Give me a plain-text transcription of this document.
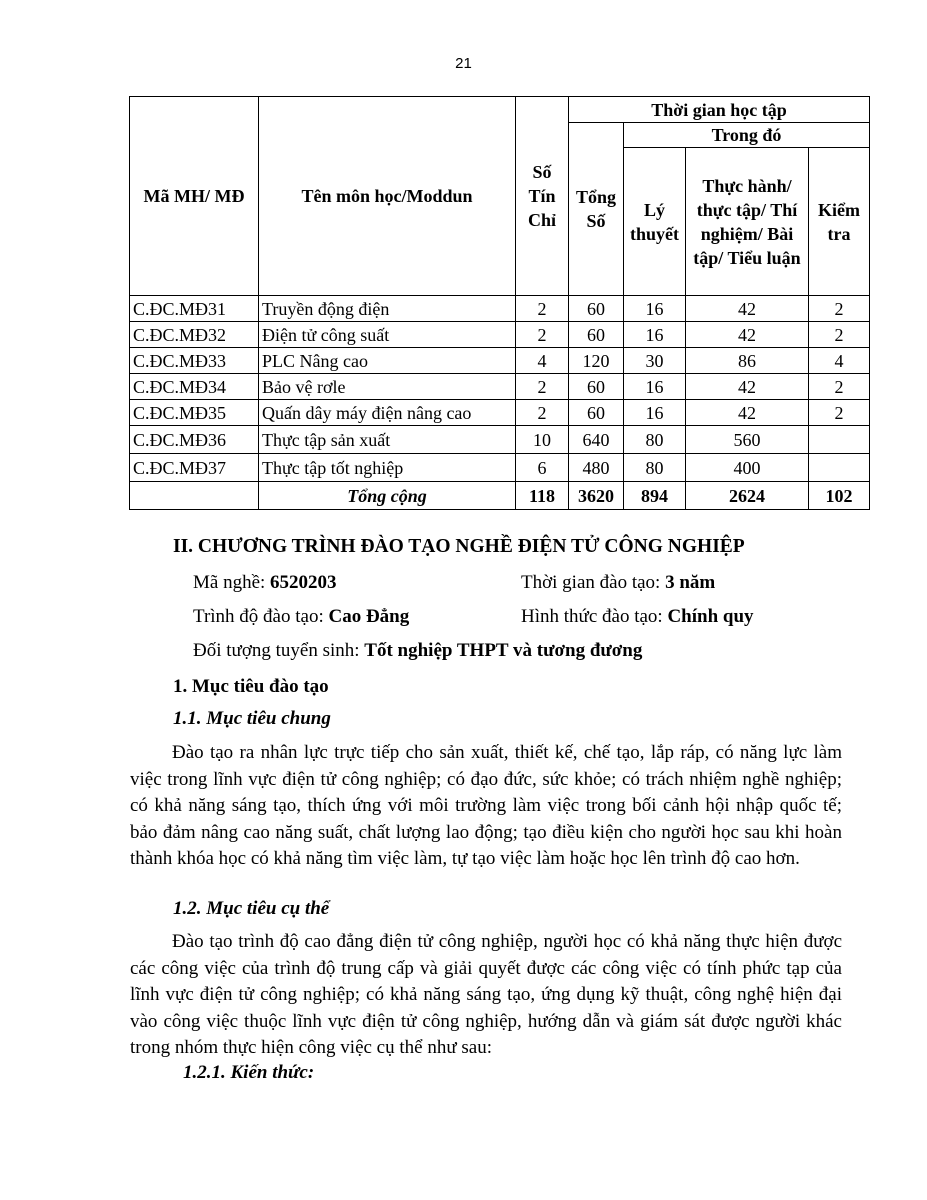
21
Mã MH/ MĐ	Tên môn học/Moddun	Số Tín Chỉ	Thời gian học tập			
			Tổng Số	Trong đó		
				Lý thuyết	Thực hành/ thực tập/ Thí nghiệm/ Bài tập/ Tiểu luận	Kiểm tra
C.ĐC.MĐ31	Truyền động điện	2	60	16	42	2
C.ĐC.MĐ32	Điện tử công suất	2	60	16	42	2
C.ĐC.MĐ33	PLC Nâng cao	4	120	30	86	4
C.ĐC.MĐ34	Bảo vệ rơle	2	60	16	42	2
C.ĐC.MĐ35	Quấn dây máy điện nâng cao	2	60	16	42	2
C.ĐC.MĐ36	Thực tập sản xuất	10	640	80	560	
C.ĐC.MĐ37	Thực tập tốt nghiệp	6	480	80	400	
	Tổng cộng	118	3620	894	2624	102
II. CHƯƠNG TRÌNH ĐÀO TẠO NGHỀ ĐIỆN TỬ CÔNG NGHIỆP
Mã nghề: 6520203	Thời gian đào tạo: 3 năm
Trình độ đào tạo: Cao Đẳng	Hình thức đào tạo: Chính quy
Đối tượng tuyển sinh: Tốt nghiệp THPT và tương đương
1. Mục tiêu đào tạo
1.1. Mục tiêu chung

Đào tạo ra nhân lực trực tiếp cho sản xuất, thiết kế, chế tạo, lắp ráp, có năng lực làm việc trong lĩnh vực điện tử công nghiệp; có đạo đức, sức khỏe; có trách nhiệm nghề nghiệp; có khả năng sáng tạo, thích ứng với môi trường làm việc trong bối cảnh hội nhập quốc tế; bảo đảm nâng cao năng suất, chất lượng lao động; tạo điều kiện cho người học sau khi hoàn thành khóa học có khả năng tìm việc làm, tự tạo việc làm hoặc học lên trình độ cao hơn.

1.2. Mục tiêu cụ thể

Đào tạo trình độ cao đẳng điện tử công nghiệp, người học có khả năng thực hiện được các công việc của trình độ trung cấp và giải quyết được các công việc có tính phức tạp của lĩnh vực điện tử công nghiệp; có khả năng sáng tạo, ứng dụng kỹ thuật, công nghệ hiện đại vào công việc thuộc lĩnh vực điện tử công nghiệp, hướng dẫn và giám sát được người khác trong nhóm thực hiện công việc cụ thể như sau:

1.2.1. Kiến thức:
